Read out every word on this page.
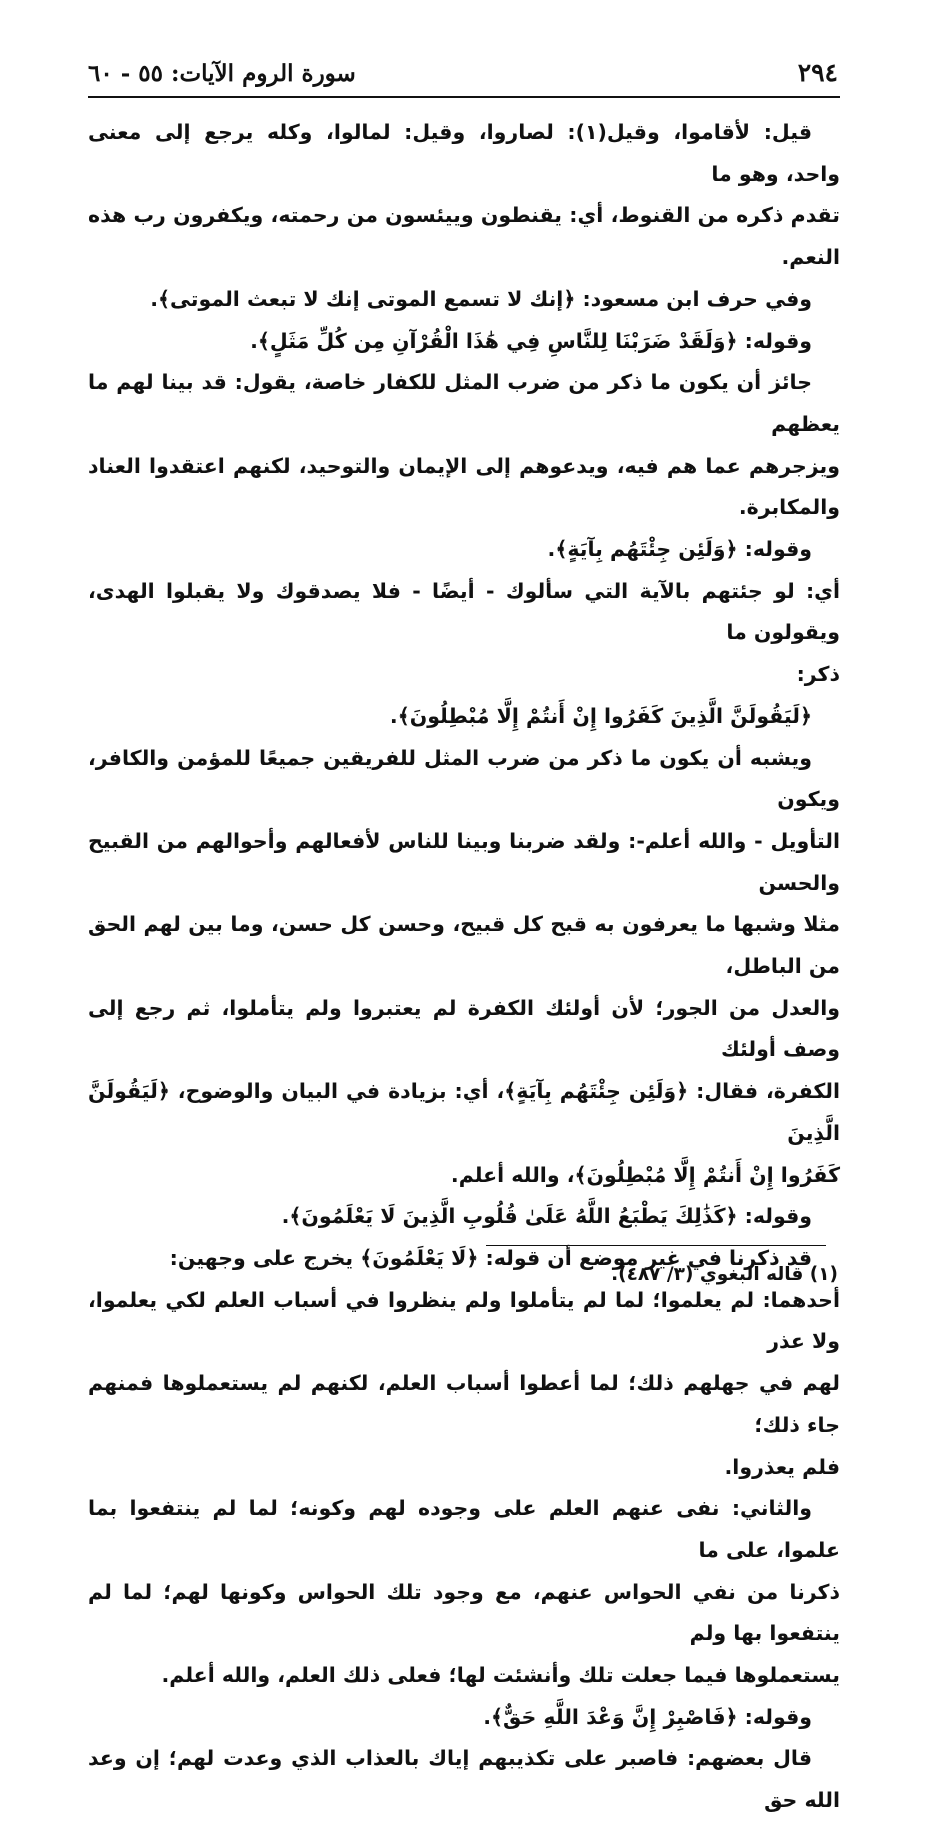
٢٩٤
سورة الروم الآيات: ٥٥ - ٦٠

قيل: لأقاموا، وقيل(١): لصاروا، وقيل: لمالوا، وكله يرجع إلى معنى واحد، وهو ما

تقدم ذكره من القنوط، أي: يقنطون وييئسون من رحمته، ويكفرون رب هذه النعم.

وفي حرف ابن مسعود: ﴿إنك لا تسمع الموتى إنك لا تبعث الموتى﴾.

وقوله: ﴿وَلَقَدْ ضَرَبْنَا لِلنَّاسِ فِي هَٰذَا الْقُرْآنِ مِن كُلِّ مَثَلٍ﴾.

جائز أن يكون ما ذكر من ضرب المثل للكفار خاصة، يقول: قد بينا لهم ما يعظهم

ويزجرهم عما هم فيه، ويدعوهم إلى الإيمان والتوحيد، لكنهم اعتقدوا العناد والمكابرة.

وقوله: ﴿وَلَئِن جِئْتَهُم بِآيَةٍ﴾.

أي: لو جئتهم بالآية التي سألوك - أيضًا - فلا يصدقوك ولا يقبلوا الهدى، ويقولون ما

ذكر:

﴿لَيَقُولَنَّ الَّذِينَ كَفَرُوا إِنْ أَنتُمْ إِلَّا مُبْطِلُونَ﴾.

ويشبه أن يكون ما ذكر من ضرب المثل للفريقين جميعًا للمؤمن والكافر، ويكون

التأويل - والله أعلم-: ولقد ضربنا وبينا للناس لأفعالهم وأحوالهم من القبيح والحسن

مثلا وشبها ما يعرفون به قبح كل قبيح، وحسن كل حسن، وما بين لهم الحق من الباطل،

والعدل من الجور؛ لأن أولئك الكفرة لم يعتبروا ولم يتأملوا، ثم رجع إلى وصف أولئك

الكفرة، فقال: ﴿وَلَئِن جِئْتَهُم بِآيَةٍ﴾، أي: بزيادة في البيان والوضوح، ﴿لَيَقُولَنَّ الَّذِينَ

كَفَرُوا إِنْ أَنتُمْ إِلَّا مُبْطِلُونَ﴾، والله أعلم.

وقوله: ﴿كَذَٰلِكَ يَطْبَعُ اللَّهُ عَلَىٰ قُلُوبِ الَّذِينَ لَا يَعْلَمُونَ﴾.

قد ذكرنا في غير موضع أن قوله: ﴿لَا يَعْلَمُونَ﴾ يخرج على وجهين:

أحدهما: لم يعلموا؛ لما لم يتأملوا ولم ينظروا في أسباب العلم لكي يعلموا، ولا عذر

لهم في جهلهم ذلك؛ لما أعطوا أسباب العلم، لكنهم لم يستعملوها فمنهم جاء ذلك؛

فلم يعذروا.

والثاني: نفى عنهم العلم على وجوده لهم وكونه؛ لما لم ينتفعوا بما علموا، على ما

ذكرنا من نفي الحواس عنهم، مع وجود تلك الحواس وكونها لهم؛ لما لم ينتفعوا بها ولم

يستعملوها فيما جعلت تلك وأنشئت لها؛ فعلى ذلك العلم، والله أعلم.

وقوله: ﴿فَاصْبِرْ إِنَّ وَعْدَ اللَّهِ حَقٌّ﴾.

قال بعضهم: فاصبر على تكذيبهم إياك بالعذاب الذي وعدت لهم؛ إن وعد الله حق

(١) قاله البغوي (٣/ ٤٨٧).
